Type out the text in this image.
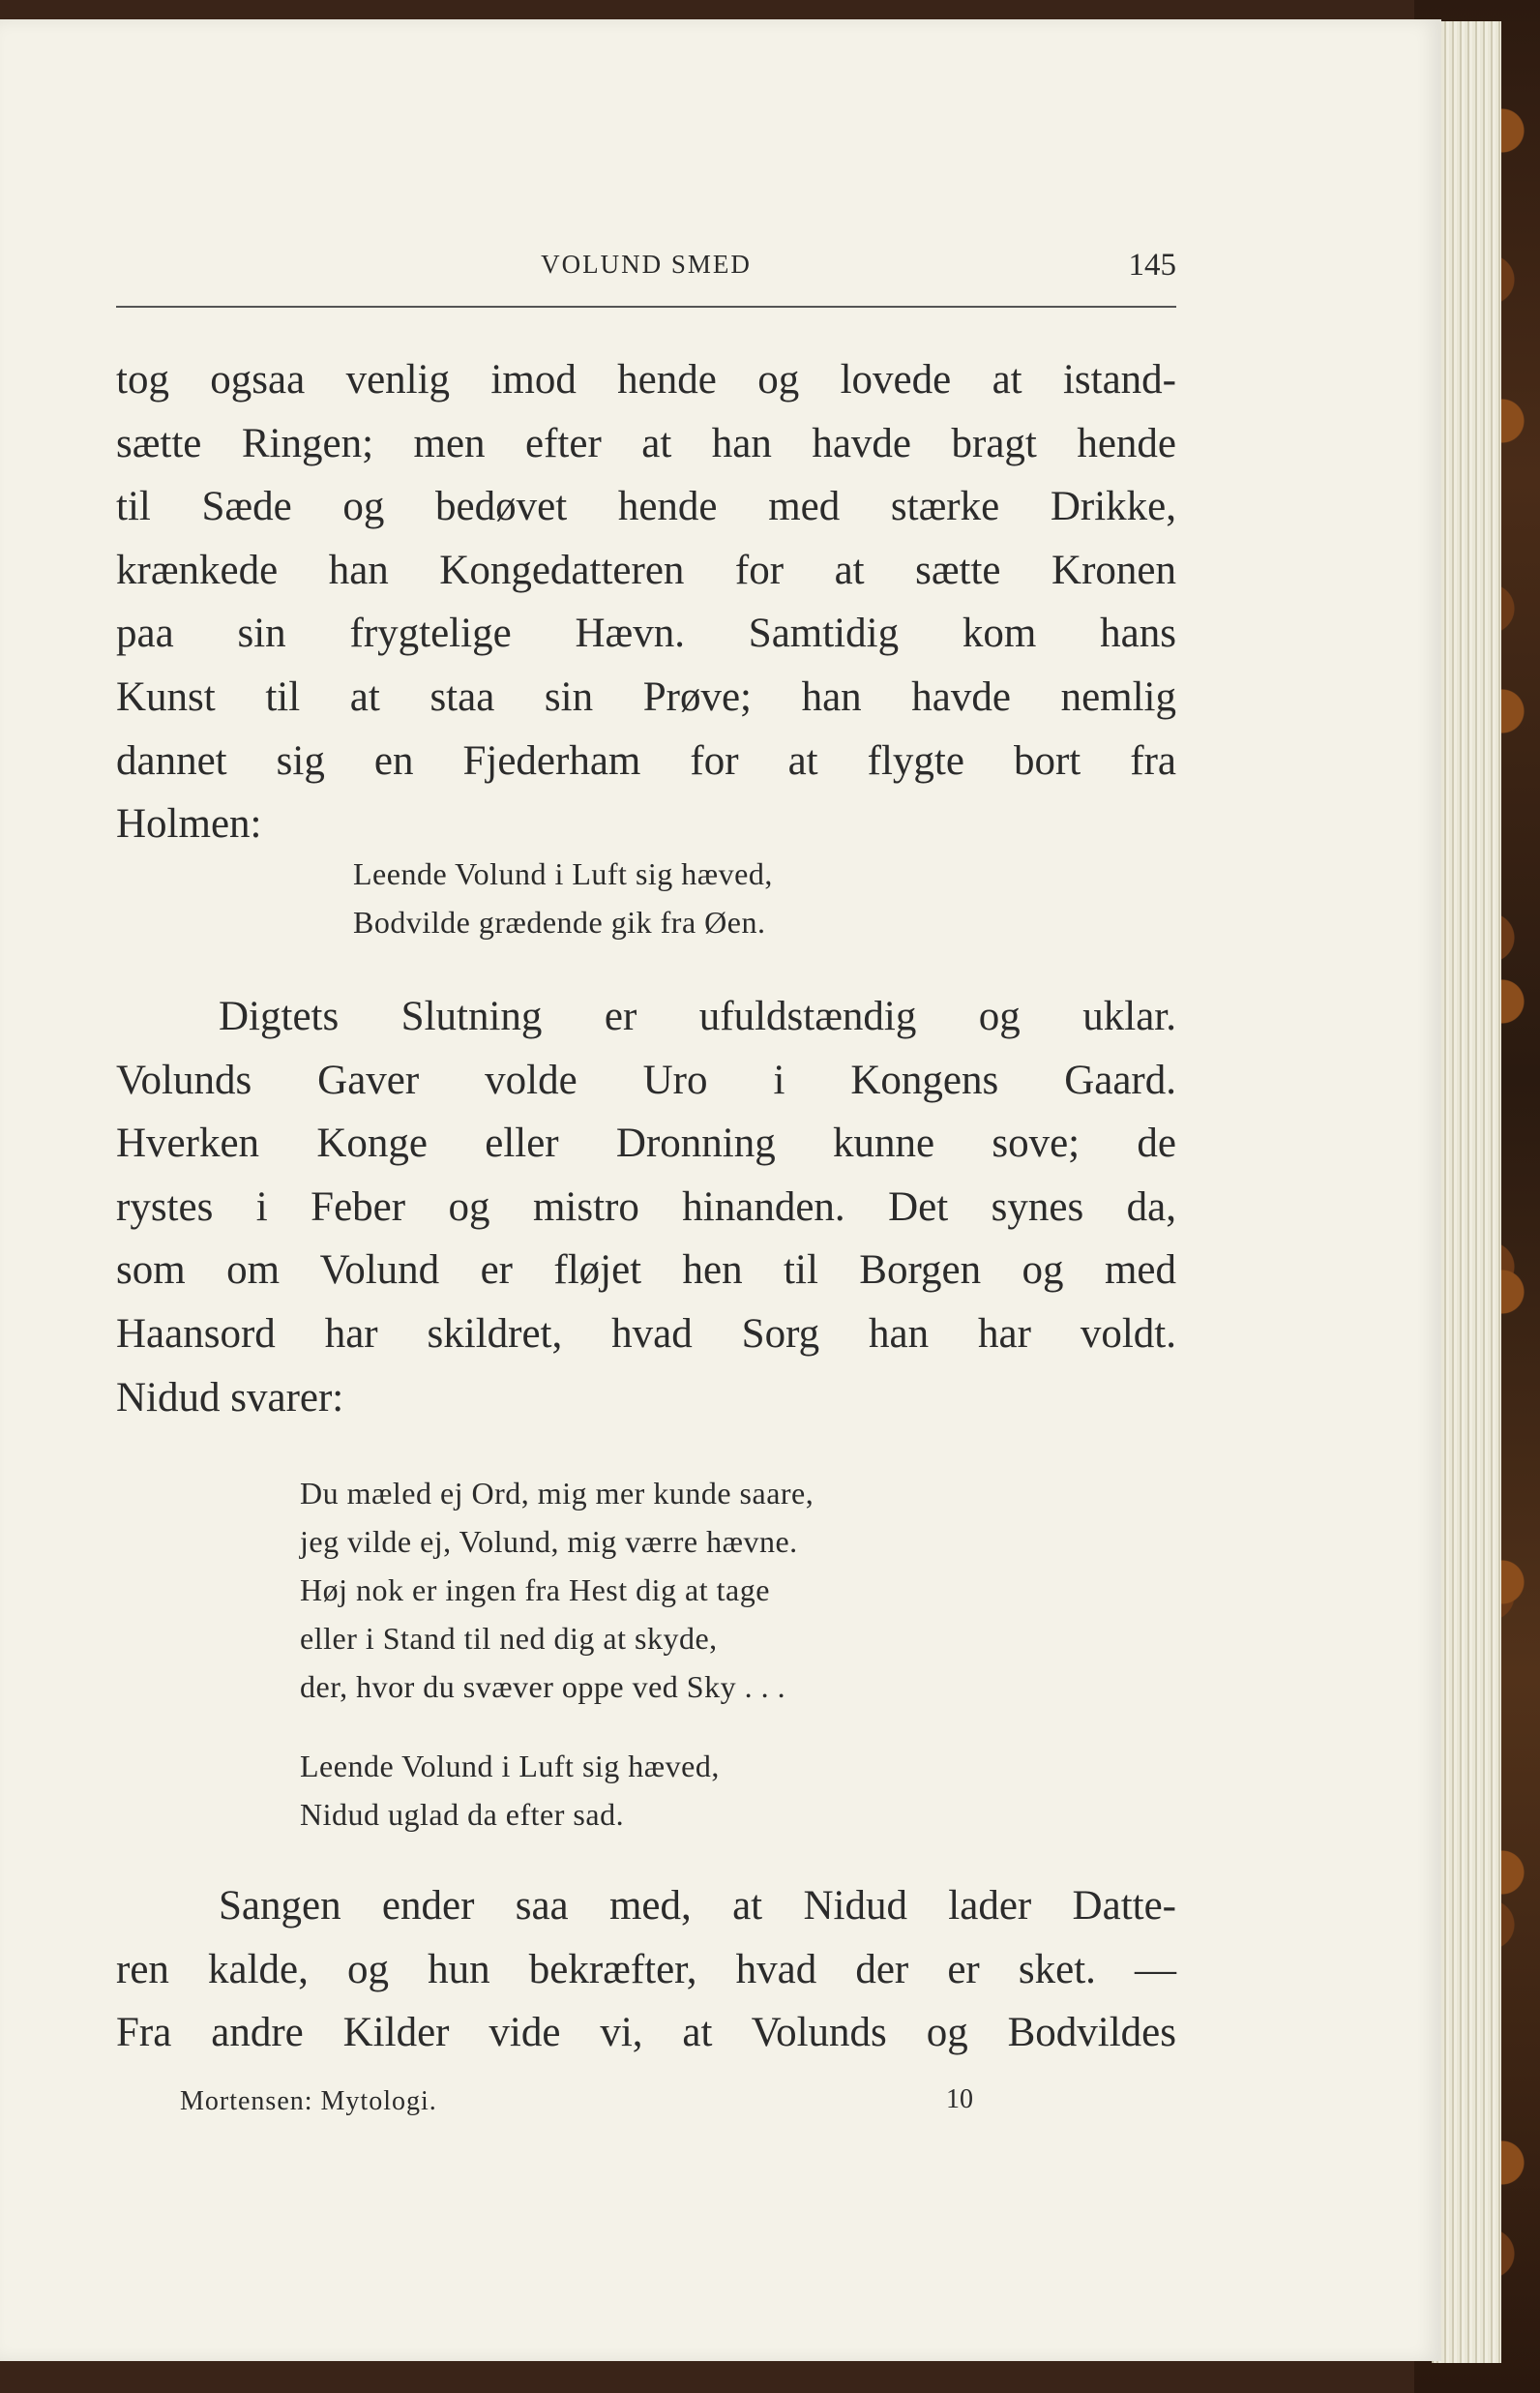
VOLUND SMED	145
tog ogsaa venlig imod hende og lovede at istand-
sætte Ringen; men efter at han havde bragt hende
til Sæde og bedøvet hende med stærke Drikke,
krænkede han Kongedatteren for at sætte Kronen
paa sin frygtelige Hævn. Samtidig kom hans
Kunst til at staa sin Prøve; han havde nemlig
dannet sig en Fjederham for at flygte bort fra
Holmen:
Leende Volund i Luft sig hæved,
Bodvilde grædende gik fra Øen.
Digtets Slutning er ufuldstændig og uklar.
Volunds Gaver volde Uro i Kongens Gaard.
Hverken Konge eller Dronning kunne sove; de
rystes i Feber og mistro hinanden. Det synes da,
som om Volund er fløjet hen til Borgen og med
Haansord har skildret, hvad Sorg han har voldt.
Nidud svarer:
Du mæled ej Ord, mig mer kunde saare,
jeg vilde ej, Volund, mig værre hævne.
Høj nok er ingen fra Hest dig at tage
eller i Stand til ned dig at skyde,
der, hvor du svæver oppe ved Sky . . .
Leende Volund i Luft sig hæved,
Nidud uglad da efter sad.
Sangen ender saa med, at Nidud lader Datte-
ren kalde, og hun bekræfter, hvad der er sket. —
Fra andre Kilder vide vi, at Volunds og Bodvildes
Mortensen: Mytologi.	10
